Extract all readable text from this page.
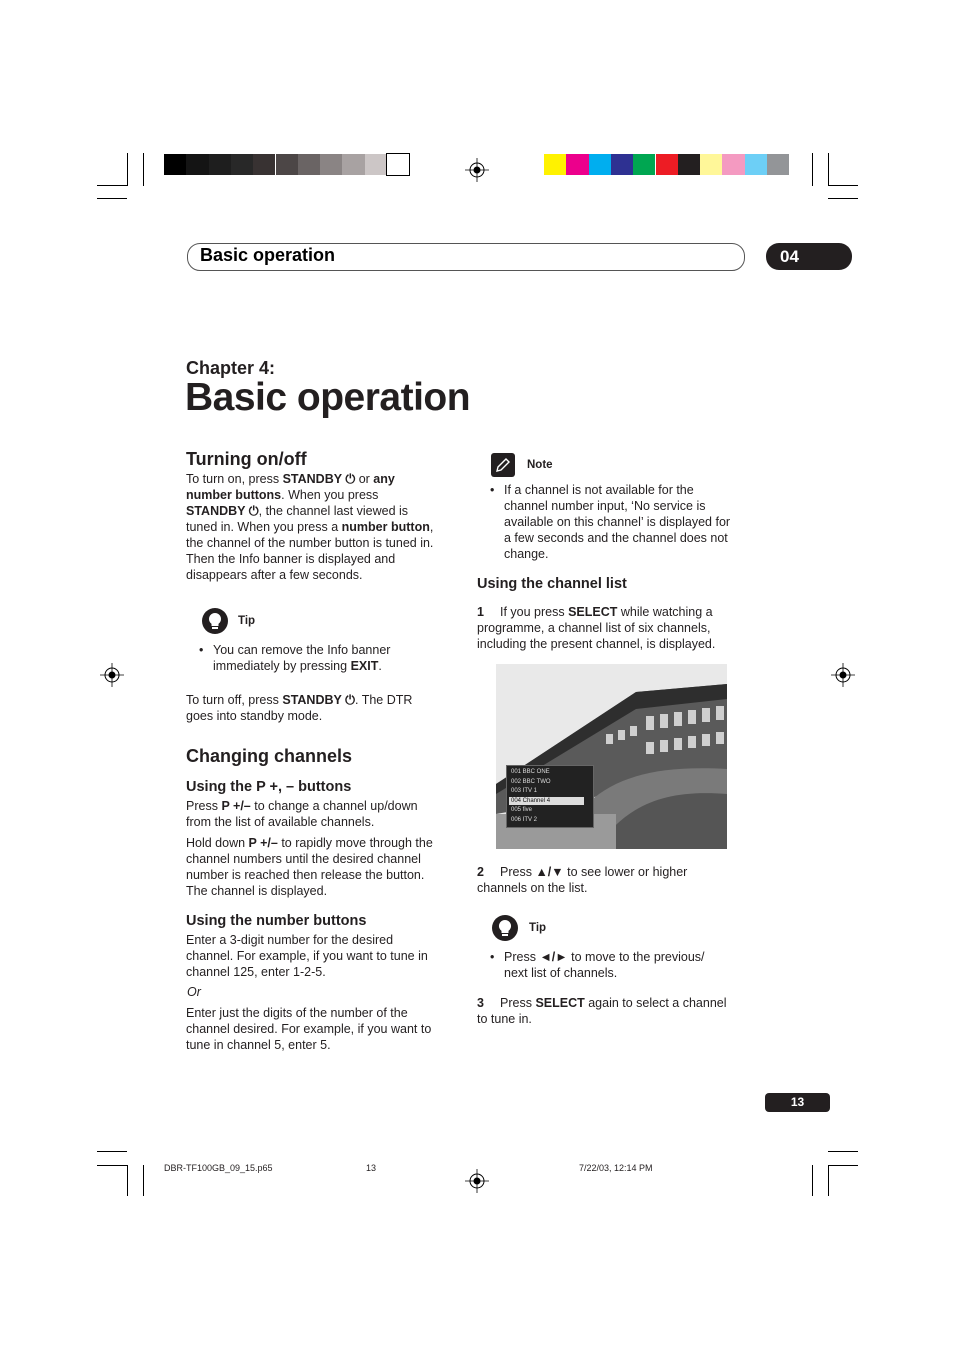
Basic operation	04
Chapter 4:
Basic operation
Turning on/off
To turn on, press STANDBY ⏻ or any
number buttons. When you press
STANDBY ⏻, the channel last viewed is
tuned in. When you press a number button,
the channel of the number button is tuned in.
Then the Info banner is displayed and
disappears after a few seconds.
Tip
• You can remove the Info banner
immediately by pressing EXIT.
To turn off, press STANDBY ⏻. The DTR
goes into standby mode.
Changing channels
Using the P +, – buttons
Press P +/– to change a channel up/down
from the list of available channels.
Hold down P +/– to rapidly move through the
channel numbers until the desired channel
number is reached then release the button.
The channel is displayed.
Using the number buttons
Enter a 3-digit number for the desired
channel. For example, if you want to tune in
channel 125, enter 1-2-5.
Or
Enter just the digits of the number of the
channel desired. For example, if you want to
tune in channel 5, enter 5.
Note
• If a channel is not available for the
channel number input, ‘No service is
available on this channel’ is displayed for
a few seconds and the channel does not
change.
Using the channel list
1	If you press SELECT while watching a
programme, a channel list of six channels,
including the present channel, is displayed.
001 BBC ONE
002 BBC TWO
003 ITV 1
004 Channel 4
005 five
006 ITV 2
2	Press ▲/▼ to see lower or higher
channels on the list.
Tip
• Press ◄/► to move to the previous/
next list of channels.
3	Press SELECT again to select a channel
to tune in.
13
DBR-TF100GB_09_15.p65	13	7/22/03, 12:14 PM
